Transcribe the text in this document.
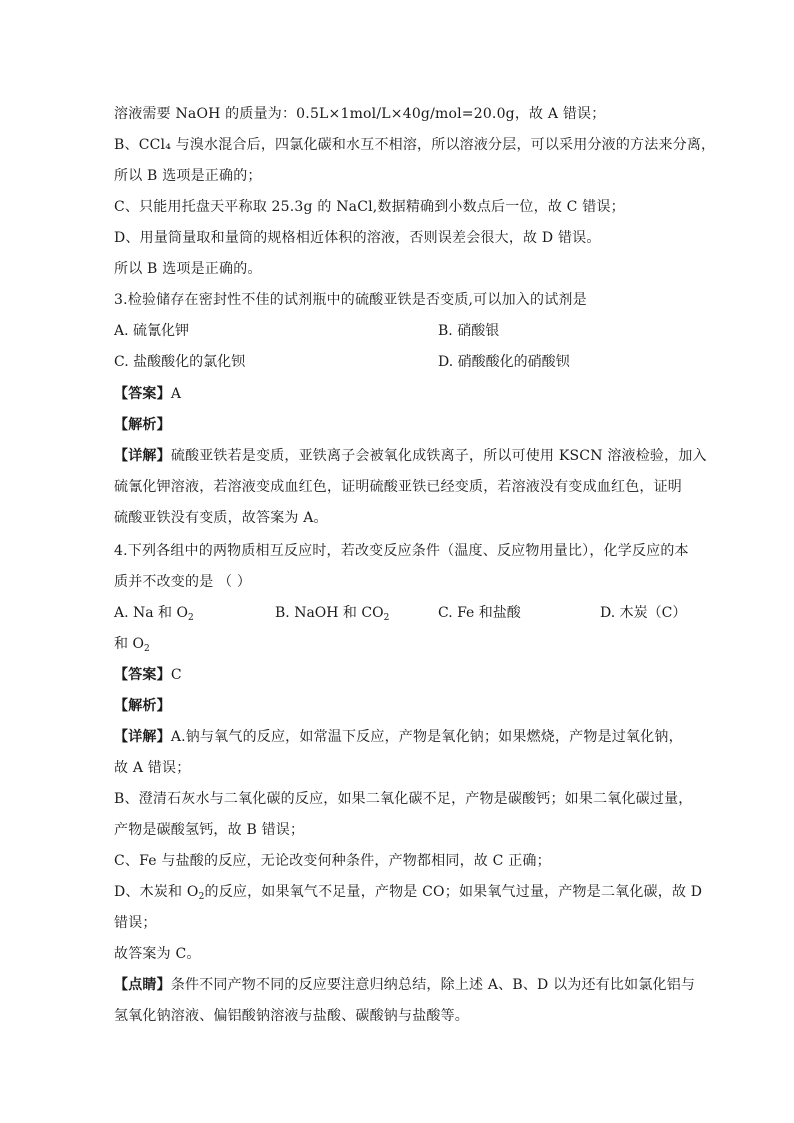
溶液需要 NaOH 的质量为：0.5L×1mol/L×40g/mol=20.0g，故 A 错误；
B、CCl₄ 与溴水混合后，四氯化碳和水互不相溶，所以溶液分层，可以采用分液的方法来分离，
所以 B 选项是正确的；
C、只能用托盘天平称取 25.3g 的 NaCl,数据精确到小数点后一位，故 C 错误；
D、用量筒量取和量筒的规格相近体积的溶液，否则误差会很大，故 D 错误。
所以 B 选项是正确的。
3.检验储存在密封性不佳的试剂瓶中的硫酸亚铁是否变质,可以加入的试剂是
A. 硫氰化钾	B. 硝酸银
C. 盐酸酸化的氯化钡	D. 硝酸酸化的硝酸钡
【答案】A
【解析】
【详解】硫酸亚铁若是变质，亚铁离子会被氧化成铁离子，所以可使用 KSCN 溶液检验，加入
硫氰化钾溶液，若溶液变成血红色，证明硫酸亚铁已经变质，若溶液没有变成血红色，证明
硫酸亚铁没有变质，故答案为 A。
4.下列各组中的两物质相互反应时，若改变反应条件（温度、反应物用量比），化学反应的本
质并不改变的是 （ ）
A. Na 和 $O_2$	B. NaOH 和 $CO_2$	C. Fe 和盐酸	D. 木炭（C）
和 $O_2$
【答案】C
【解析】
【详解】A.钠与氧气的反应，如常温下反应，产物是氧化钠；如果燃烧，产物是过氧化钠，
故 A 错误；
B、澄清石灰水与二氧化碳的反应，如果二氧化碳不足，产物是碳酸钙；如果二氧化碳过量，
产物是碳酸氢钙，故 B 错误；
C、Fe 与盐酸的反应，无论改变何种条件，产物都相同，故 C 正确；
D、木炭和 $O_2$的反应，如果氧气不足量，产物是 CO；如果氧气过量，产物是二氧化碳，故 D
错误；
故答案为 C。
【点睛】条件不同产物不同的反应要注意归纳总结，除上述 A、B、D 以为还有比如氯化铝与
氢氧化钠溶液、偏铝酸钠溶液与盐酸、碳酸钠与盐酸等。
